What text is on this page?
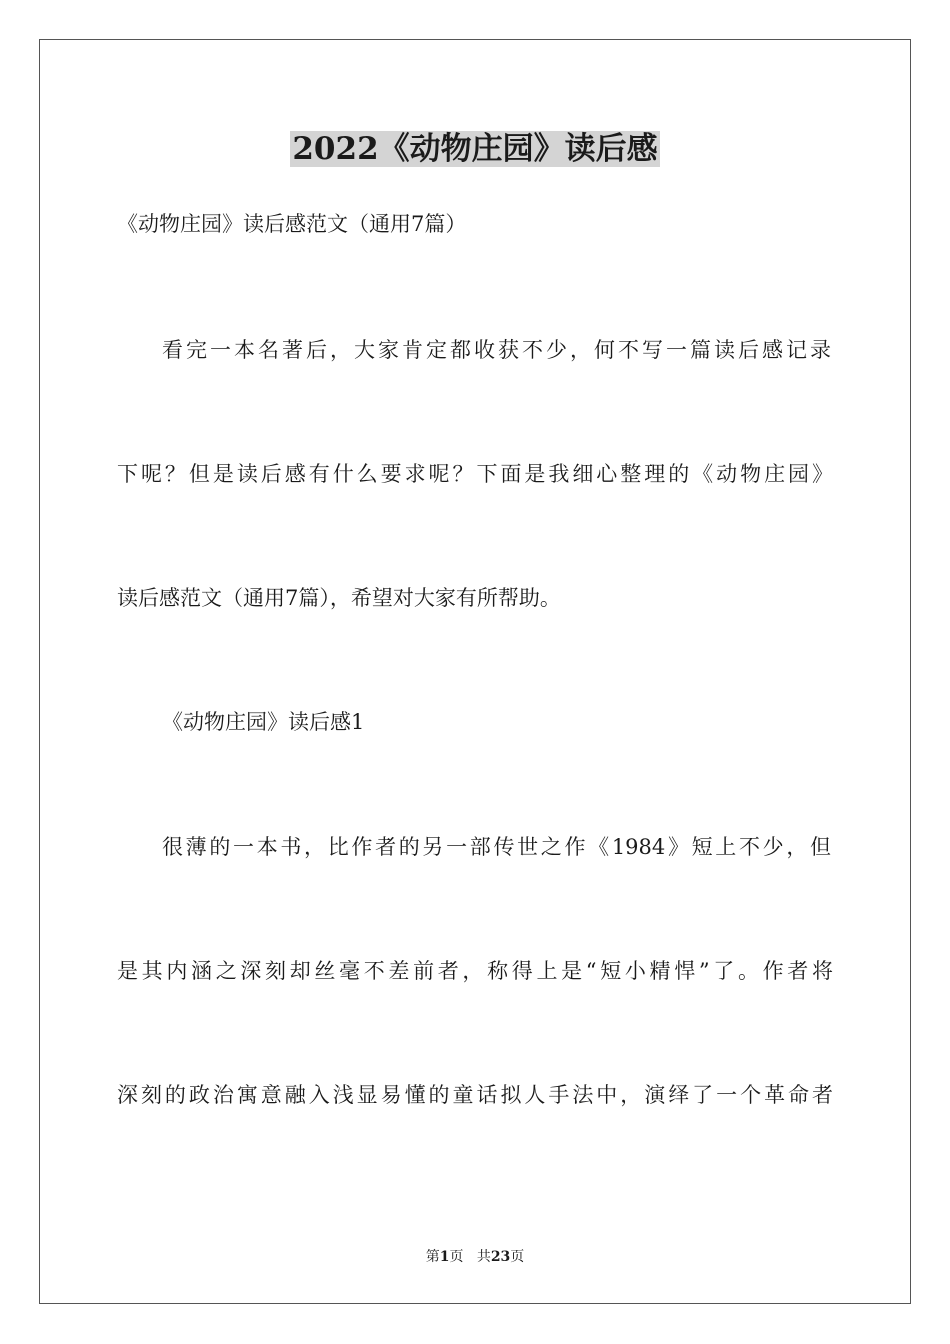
2022《动物庄园》读后感

《动物庄园》读后感范文（通用7篇）

看完一本名著后，大家肯定都收获不少，何不写一篇读后感记录

下呢？但是读后感有什么要求呢？下面是我细心整理的《动物庄园》

读后感范文（通用7篇），希望对大家有所帮助。

《动物庄园》读后感1

很薄的一本书，比作者的另一部传世之作《1984》短上不少，但

是其内涵之深刻却丝毫不差前者，称得上是“短小精悍”了。作者将

深刻的政治寓意融入浅显易懂的童话拟人手法中，演绎了一个革命者

第1页 共23页
